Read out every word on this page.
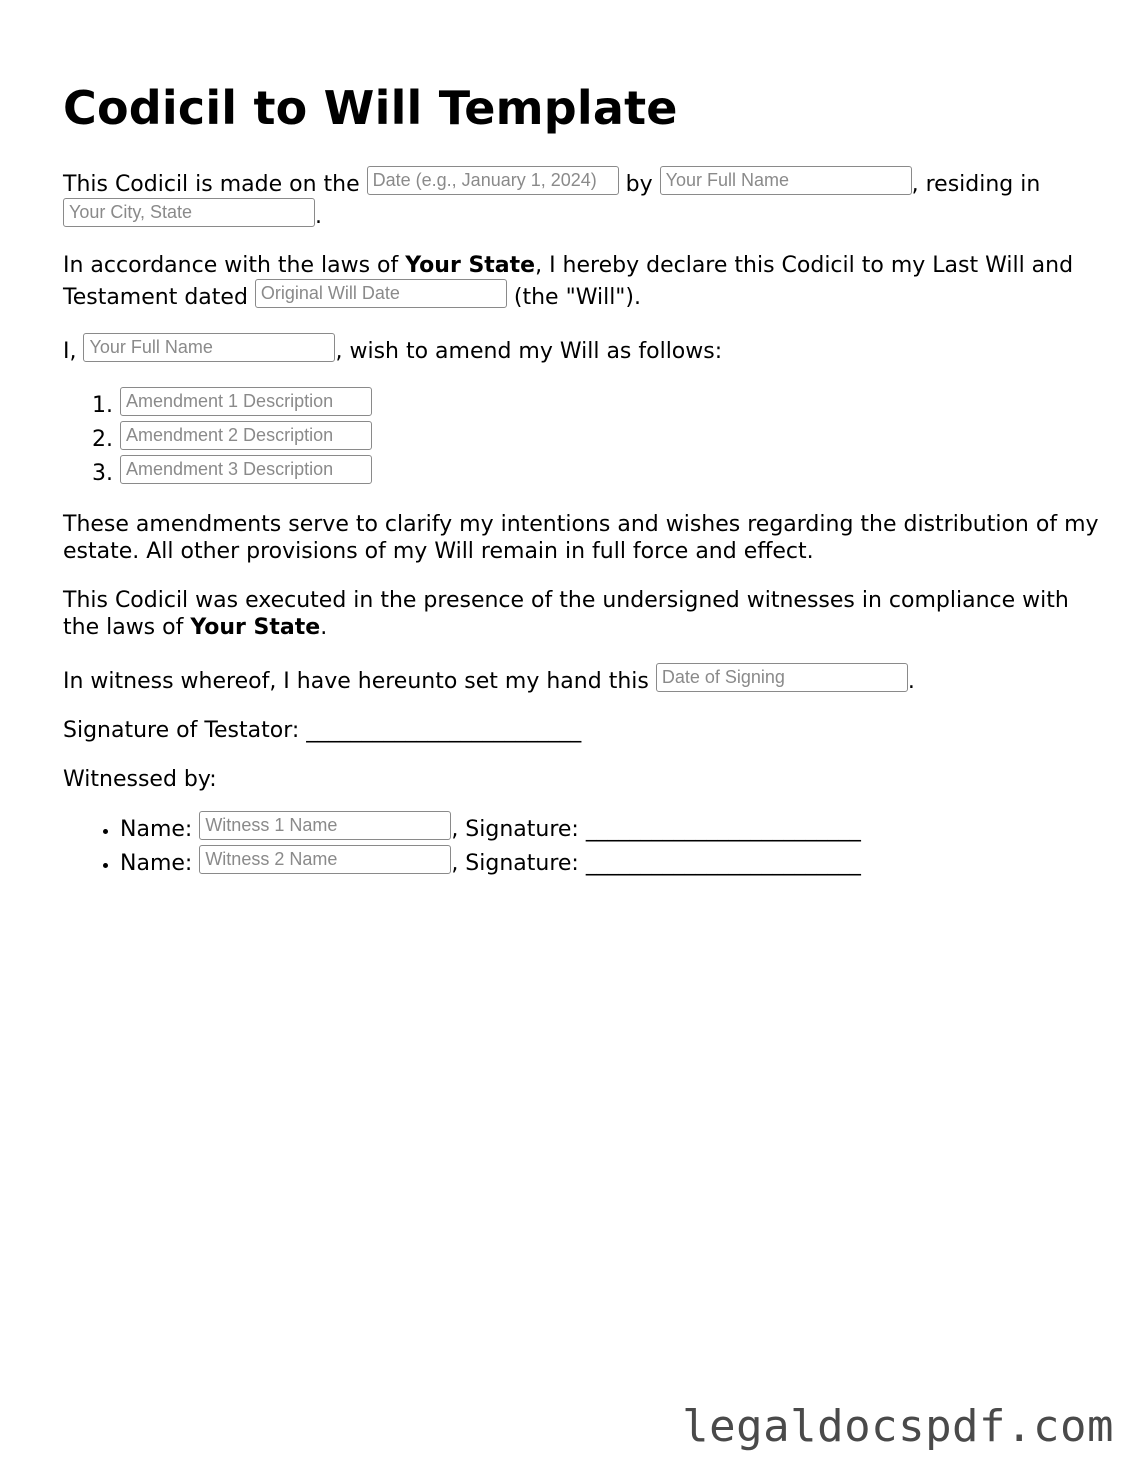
Codicil to Will Template

This Codicil is made on the Date (e.g., January 1, 2024) by Your Full Name	, residing in Your City, State	.

In accordance with the laws of Your State, I hereby declare this Codicil to my Last Will and Testament dated Original Will Date	(the "Will").

I, Your Full Name	, wish to amend my Will as follows:

1. Amendment 1 Description
2. Amendment 2 Description
3. Amendment 3 Description

These amendments serve to clarify my intentions and wishes regarding the distribution of my estate. All other provisions of my Will remain in full force and effect.

This Codicil was executed in the presence of the undersigned witnesses in compliance with the laws of Your State.

In witness whereof, I have hereunto set my hand this Date of Signing	.

Signature of Testator: _________________________

Witnessed by:

• Name: Witness 1 Name	, Signature: _________________________
• Name: Witness 2 Name	, Signature: _________________________
legaldocspdf.com
